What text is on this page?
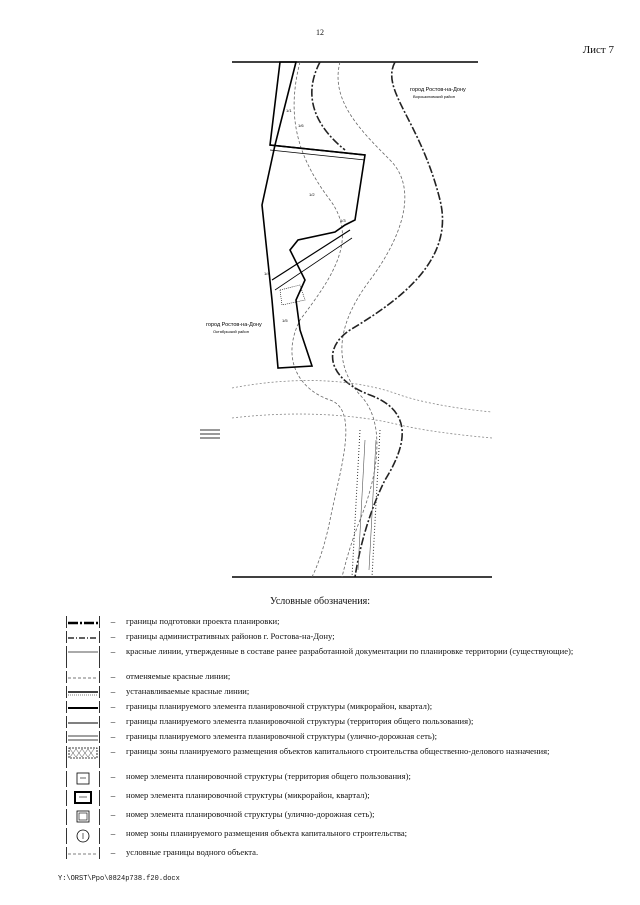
12
Лист 7
1/1
1/2
1/3
1/4
1/5
1/6
город Ростов-на-Дону
Ворошиловский район
город Ростов-на-Дону
Октябрьский район
Условные обозначения:
–	границы подготовки проекта планировки;
–	границы административных районов г. Ростова-на-Дону;
–	красные линии, утвержденные в составе ранее разработанной документации по планировке территории (существующие);
–	отменяемые красные линии;
–	устанавливаемые красные линии;
–	границы планируемого элемента планировочной структуры (микрорайон, квартал);
–	границы планируемого элемента планировочной структуры (территория общего пользования);
–	границы планируемого элемента планировочной структуры (улично-дорожная сеть);
–	границы зоны планируемого размещения объектов капитального строительства общественно-делового назначения;
–	номер элемента планировочной структуры (территория общего пользования);
–	номер элемента планировочной структуры (микрорайон, квартал);
–	номер элемента планировочной структуры (улично-дорожная сеть);
–	номер зоны планируемого размещения объекта капитального строительства;
–	условные границы водного объекта.
Y:\ORST\Ppo\0824p738.f20.docx
